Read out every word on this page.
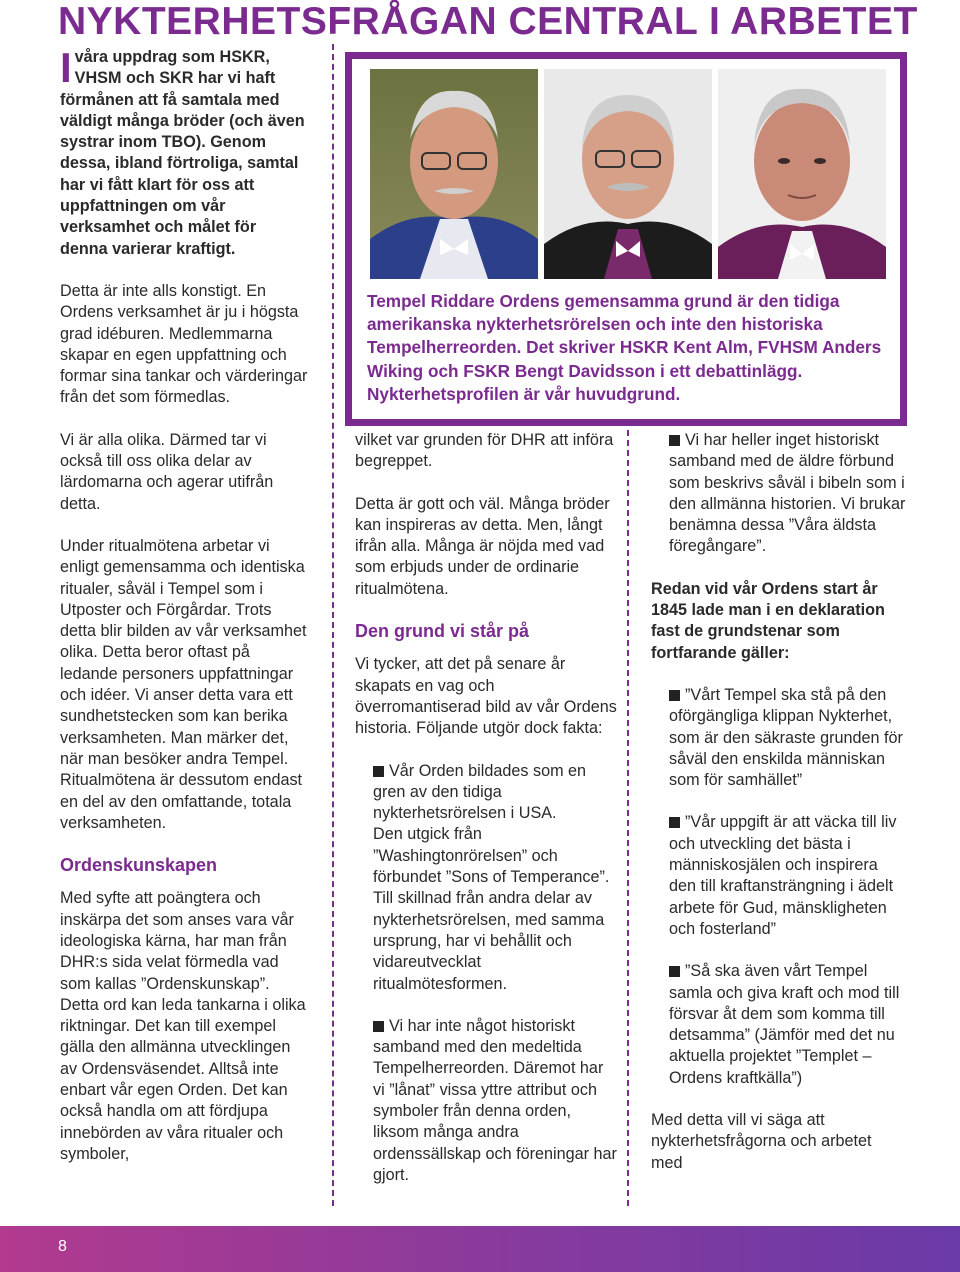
NYKTERHETSFRÅGAN CENTRAL I ARBETET

Ivåra uppdrag som HSKR, VHSM och SKR har vi haft förmånen att få samtala med väldigt många bröder (och även systrar inom TBO). Genom dessa, ibland förtroliga, samtal har vi fått klart för oss att uppfattningen om vår verksamhet och målet för denna varierar kraftigt.

Detta är inte alls konstigt. En Ordens verksamhet är ju i högsta grad idéburen. Medlemmarna skapar en egen uppfattning och formar sina tankar och värderingar från det som förmedlas.

Vi är alla olika. Därmed tar vi också till oss olika delar av lärdomarna och agerar utifrån detta.

Under ritualmötena arbetar vi enligt gemensamma och identiska ritualer, såväl i Tempel som i Utposter och Förgårdar. Trots detta blir bilden av vår verksamhet olika. Detta beror oftast på ledande personers uppfattningar och idéer. Vi anser detta vara ett sundhetstecken som kan berika verksamheten. Man märker det, när man besöker andra Tempel. Ritualmötena är dessutom endast en del av den omfattande, totala verksamheten.

Ordenskunskapen

Med syfte att poängtera och inskärpa det som anses vara vår ideologiska kärna, har man från DHR:s sida velat förmedla vad som kallas ”Ordenskunskap”. Detta ord kan leda tankarna i olika riktningar. Det kan till exempel gälla den allmänna utvecklingen av Ordensväsendet. Alltså inte enbart vår egen Orden. Det kan också handla om att fördjupa innebörden av våra ritualer och symboler,

Tempel Riddare Ordens gemensamma grund är den tidiga amerikanska nykterhetsrörelsen och inte den historiska Tempelherreorden. Det skriver HSKR Kent Alm, FVHSM Anders Wiking och FSKR Bengt Davidsson i ett debattinlägg. Nykterhetsprofilen är vår huvudgrund.

vilket var grunden för DHR att införa begreppet.

Detta är gott och väl. Många bröder kan inspireras av detta. Men, långt ifrån alla. Många är nöjda med vad som erbjuds under de ordinarie ritualmötena.

Den grund vi står på

Vi tycker, att det på senare år skapats en vag och överromantiserad bild av vår Ordens historia. Följande utgör dock fakta:

Vår Orden bildades som en gren av den tidiga nykterhetsrörelsen i USA.

Den utgick från ”Washingtonrörelsen” och förbundet ”Sons of Temperance”. Till skillnad från andra delar av nykterhetsrörelsen, med samma ursprung, har vi behållit och vidareutvecklat ritualmötesformen.

Vi har inte något historiskt samband med den medeltida Tempelherreorden. Däremot har vi ”lånat” vissa yttre attribut och symboler från denna orden, liksom många andra ordenssällskap och föreningar har gjort.

Vi har heller inget historiskt samband med de äldre förbund som beskrivs såväl i bibeln som i den allmänna historien. Vi brukar benämna dessa ”Våra äldsta föregångare”.

Redan vid vår Ordens start år 1845 lade man i en deklaration fast de grundstenar som fortfarande gäller:

”Vårt Tempel ska stå på den oförgängliga klippan Nykterhet, som är den säkraste grunden för såväl den enskilda människan som för samhället”

”Vår uppgift är att väcka till liv och utveckling det bästa i människosjälen och inspirera den till kraftansträngning i ädelt arbete för Gud, mänskligheten och fosterland”

”Så ska även vårt Tempel samla och giva kraft och mod till försvar åt dem som komma till detsamma” (Jämför med det nu aktuella projektet ”Templet – Ordens kraftkälla”)

Med detta vill vi säga att nykterhetsfrågorna och arbetet med

8
